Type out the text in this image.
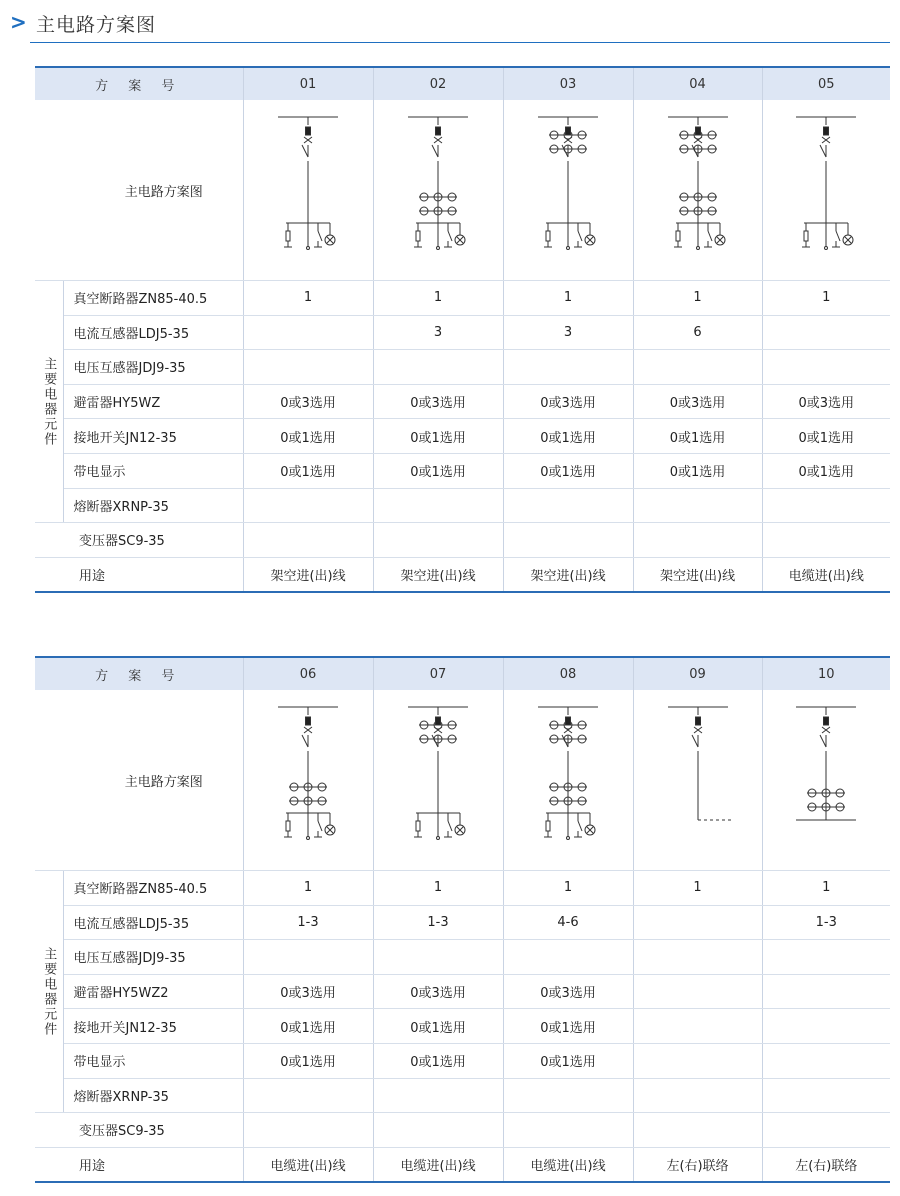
> 主电路方案图
方 案 号		01	02	03	04	05
主电路方案图	

主要电器元件	真空断路器ZN85-40.5	1	1	1	1	1
	电流互感器LDJ5-35		3	3	6	
	电压互感器JDJ9-35					
	避雷器HY5WZ	0或3选用	0或3选用	0或3选用	0或3选用	0或3选用
	接地开关JN12-35	0或1选用	0或1选用	0或1选用	0或1选用	0或1选用
	带电显示	0或1选用	0或1选用	0或1选用	0或1选用	0或1选用
	熔断器XRNP-35					
变压器SC9-35						
用途		架空进(出)线	架空进(出)线	架空进(出)线	架空进(出)线	电缆进(出)线
方 案 号		06	07	08	09	10
主电路方案图	

主要电器元件	真空断路器ZN85-40.5	1	1	1	1	1
	电流互感器LDJ5-35	1-3	1-3	4-6		1-3
	电压互感器JDJ9-35					
	避雷器HY5WZ2	0或3选用	0或3选用	0或3选用		
	接地开关JN12-35	0或1选用	0或1选用	0或1选用		
	带电显示	0或1选用	0或1选用	0或1选用		
	熔断器XRNP-35					
变压器SC9-35						
用途		电缆进(出)线	电缆进(出)线	电缆进(出)线	左(右)联络	左(右)联络
